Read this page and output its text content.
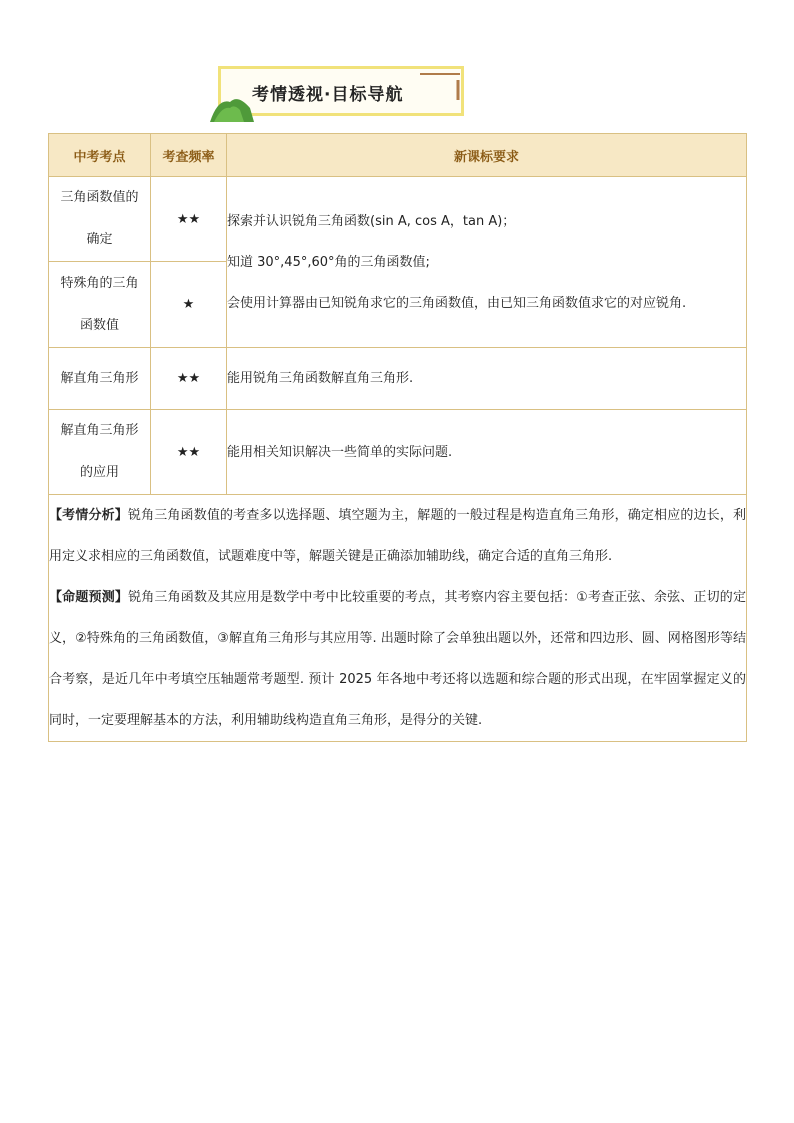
考情透视·目标导航
中考考点	考查频率	新课标要求

三角函数值的
确定	★★	探索并认识锐角三角函数(sin A, cos A，tan A)；
知道 30°,45°,60°角的三角函数值;
会使用计算器由已知锐角求它的三角函数值，由已知三角函数值求它的对应锐角.

特殊角的三角
函数值	★	

解直角三角形	★★	能用锐角三角函数解直角三角形.

解直角三角形
的应用	★★	能用相关知识解决一些简单的实际问题.

【考情分析】锐角三角函数值的考查多以选择题、填空题为主，解题的一般过程是构造直角三角形，确定相应的边长，利用定义求相应的三角函数值，试题难度中等，解题关键是正确添加辅助线，确定合适的直角三角形.
【命题预测】锐角三角函数及其应用是数学中考中比较重要的考点，其考察内容主要包括：①考查正弦、余弦、正切的定义，②特殊角的三角函数值，③解直角三角形与其应用等. 出题时除了会单独出题以外，还常和四边形、圆、网格图形等结合考察，是近几年中考填空压轴题常考题型. 预计 2025 年各地中考还将以选题和综合题的形式出现，在牢固掌握定义的同时，一定要理解基本的方法，利用辅助线构造直角三角形，是得分的关键.		
